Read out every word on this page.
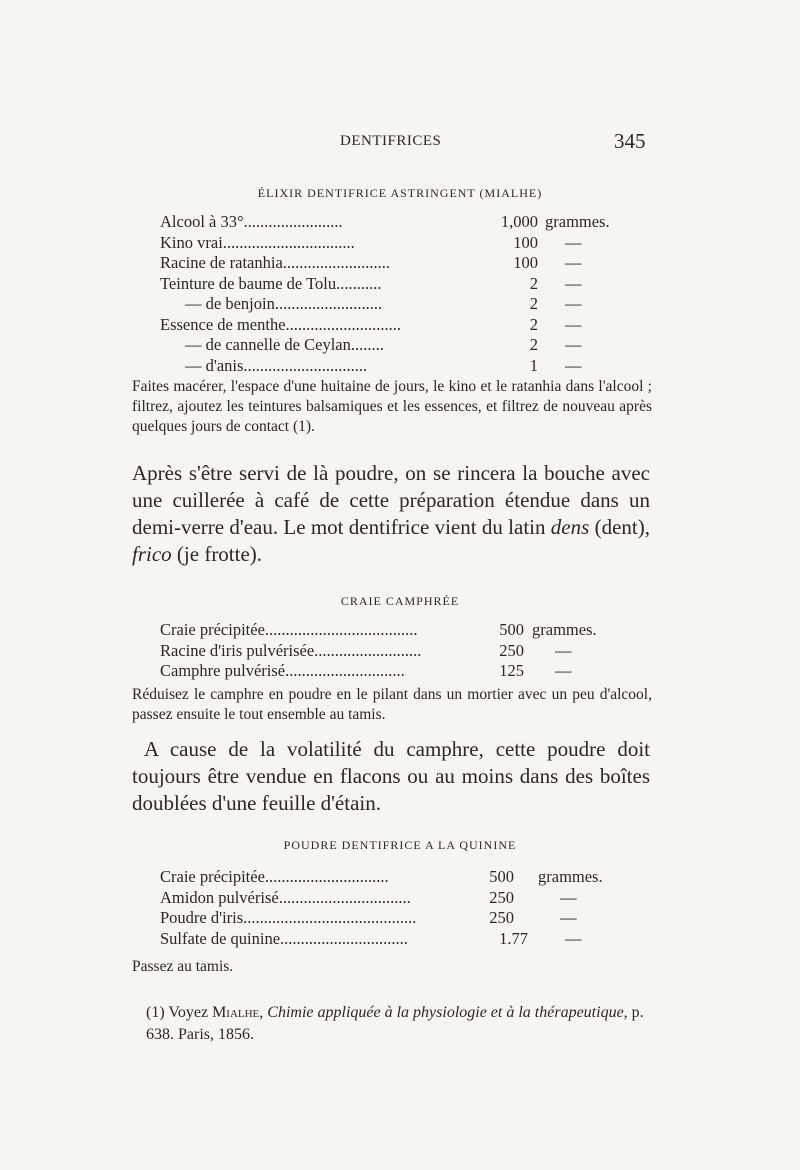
DENTIFRICES	345
ÉLIXIR DENTIFRICE ASTRINGENT (MIALHE)
Alcool à 33°........................	1,000 grammes.
Kino vrai................................	100 —
Racine de ratanhia..........................	100 —
Teinture de baume de Tolu...........	2 —
— de benjoin..........................	2 —
Essence de menthe............................	2 —
— de cannelle de Ceylan........	2 —
— d'anis..............................	1 —
Faites macérer, l'espace d'une huitaine de jours, le kino et le ratanhia dans l'alcool ; filtrez, ajoutez les teintures balsamiques et les essences, et filtrez de nouveau après quelques jours de contact (1).
Après s'être servi de là poudre, on se rincera la bouche avec une cuillerée à café de cette préparation étendue dans un demi-verre d'eau. Le mot dentifrice vient du latin dens (dent), frico (je frotte).
CRAIE CAMPHRÉE
Craie précipitée.....................................	500 grammes.
Racine d'iris pulvérisée..........................	250 —
Camphre pulvérisé.............................	125 —
Réduisez le camphre en poudre en le pilant dans un mortier avec un peu d'alcool, passez ensuite le tout ensemble au tamis.
A cause de la volatilité du camphre, cette poudre doit toujours être vendue en flacons ou au moins dans des boîtes doublées d'une feuille d'étain.
POUDRE DENTIFRICE A LA QUININE
Craie précipitée..............................	500 grammes.
Amidon pulvérisé................................	250	—
Poudre d'iris..........................................	250	—
Sulfate de quinine...............................	1.77 —
Passez au tamis.
(1) Voyez Mialhe, Chimie appliquée à la physiologie et à la thérapeutique, p. 638. Paris, 1856.
